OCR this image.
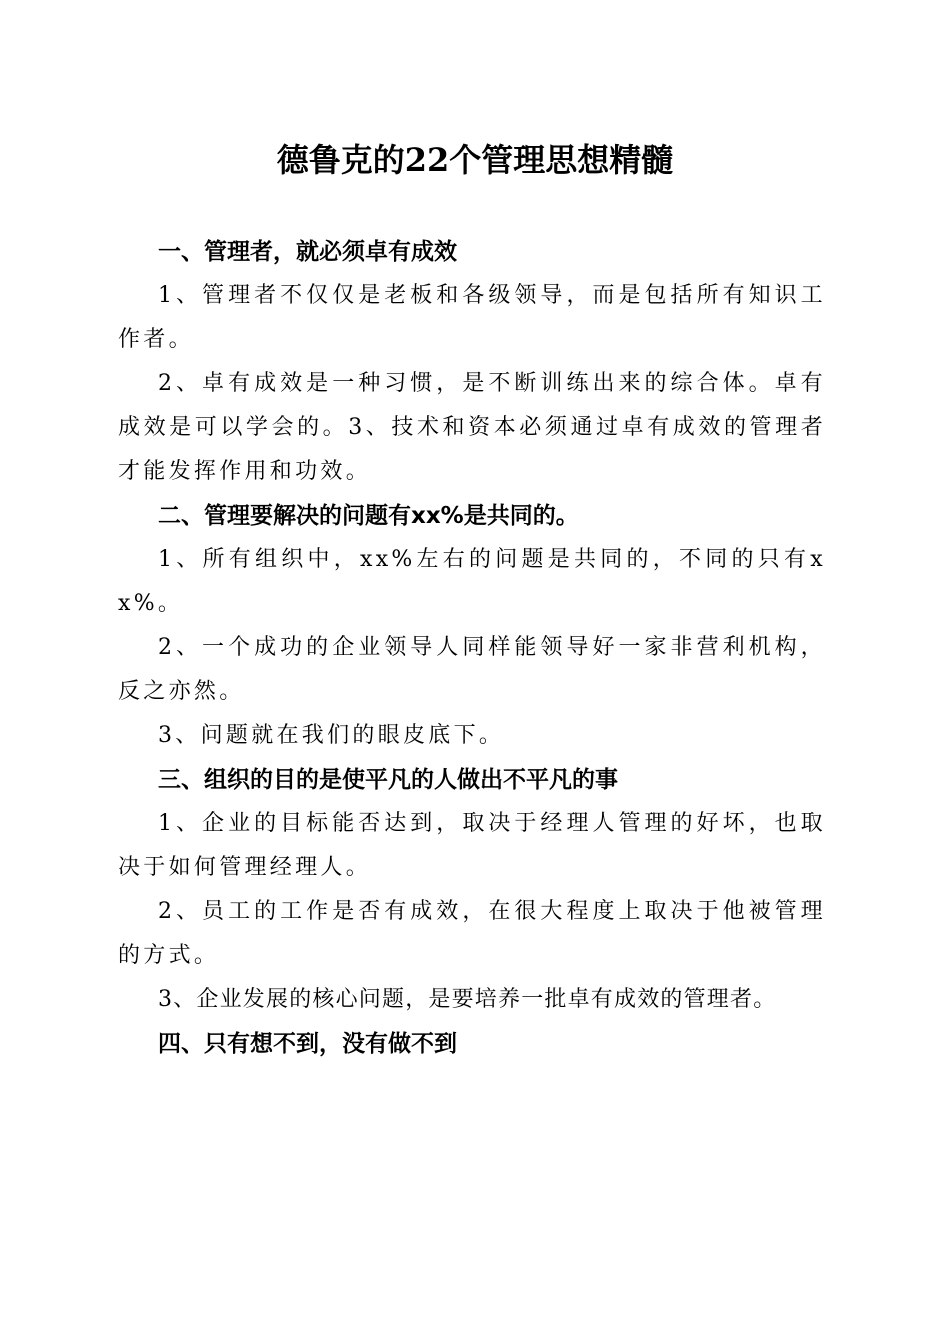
德鲁克的22个管理思想精髓

一、管理者，就必须卓有成效

1、管理者不仅仅是老板和各级领导，而是包括所有知识工作者。

2、卓有成效是一种习惯，是不断训练出来的综合体。卓有成效是可以学会的。3、技术和资本必须通过卓有成效的管理者才能发挥作用和功效。

二、管理要解决的问题有xx%是共同的。

1、所有组织中，xx%左右的问题是共同的，不同的只有xx%。

2、一个成功的企业领导人同样能领导好一家非营利机构，反之亦然。

3、问题就在我们的眼皮底下。

三、组织的目的是使平凡的人做出不平凡的事

1、企业的目标能否达到，取决于经理人管理的好坏，也取决于如何管理经理人。

2、员工的工作是否有成效，在很大程度上取决于他被管理的方式。

3、企业发展的核心问题，是要培养一批卓有成效的管理者。

四、只有想不到，没有做不到
